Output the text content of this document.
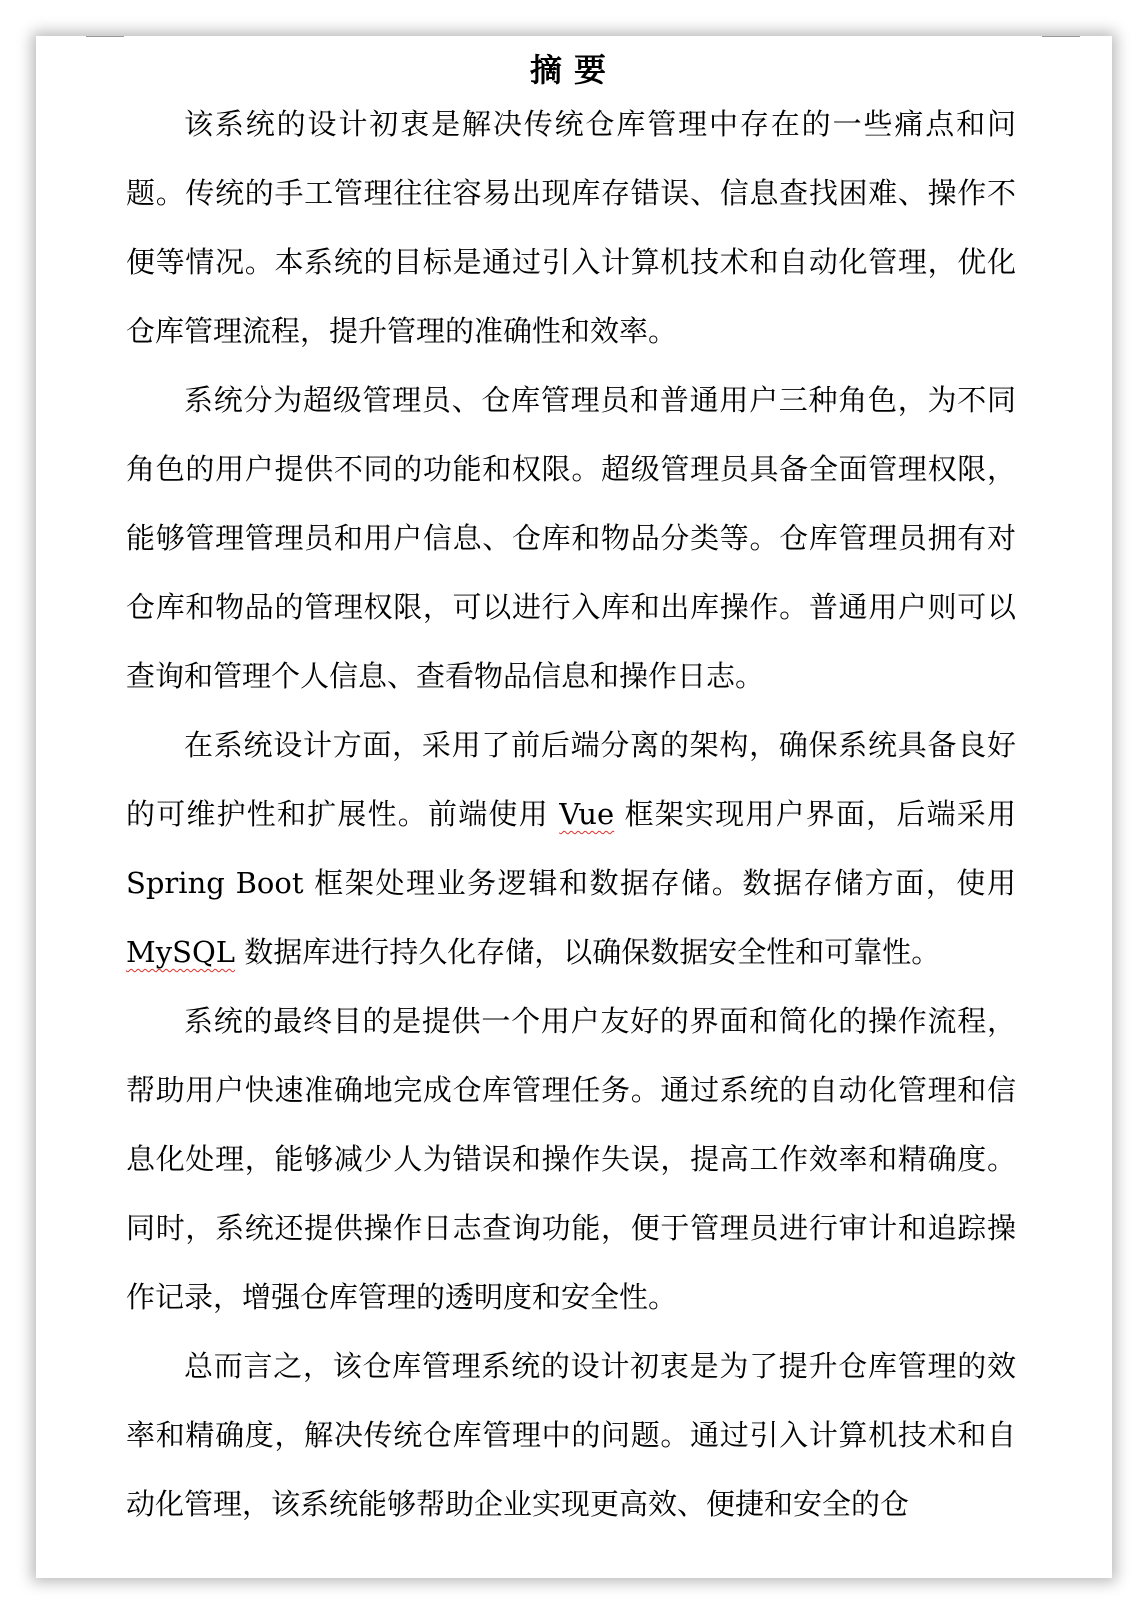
摘要

该系统的设计初衷是解决传统仓库管理中存在的一些痛点和问题。传统的手工管理往往容易出现库存错误、信息查找困难、操作不便等情况。本系统的目标是通过引入计算机技术和自动化管理，优化仓库管理流程，提升管理的准确性和效率。

系统分为超级管理员、仓库管理员和普通用户三种角色，为不同角色的用户提供不同的功能和权限。超级管理员具备全面管理权限，能够管理管理员和用户信息、仓库和物品分类等。仓库管理员拥有对仓库和物品的管理权限，可以进行入库和出库操作。普通用户则可以查询和管理个人信息、查看物品信息和操作日志。

在系统设计方面，采用了前后端分离的架构，确保系统具备良好的可维护性和扩展性。前端使用 Vue 框架实现用户界面，后端采用 Spring Boot 框架处理业务逻辑和数据存储。数据存储方面，使用 MySQL 数据库进行持久化存储，以确保数据安全性和可靠性。

系统的最终目的是提供一个用户友好的界面和简化的操作流程，帮助用户快速准确地完成仓库管理任务。通过系统的自动化管理和信息化处理，能够减少人为错误和操作失误，提高工作效率和精确度。同时，系统还提供操作日志查询功能，便于管理员进行审计和追踪操作记录，增强仓库管理的透明度和安全性。

总而言之，该仓库管理系统的设计初衷是为了提升仓库管理的效率和精确度，解决传统仓库管理中的问题。通过引入计算机技术和自动化管理，该系统能够帮助企业实现更高效、便捷和安全的仓
